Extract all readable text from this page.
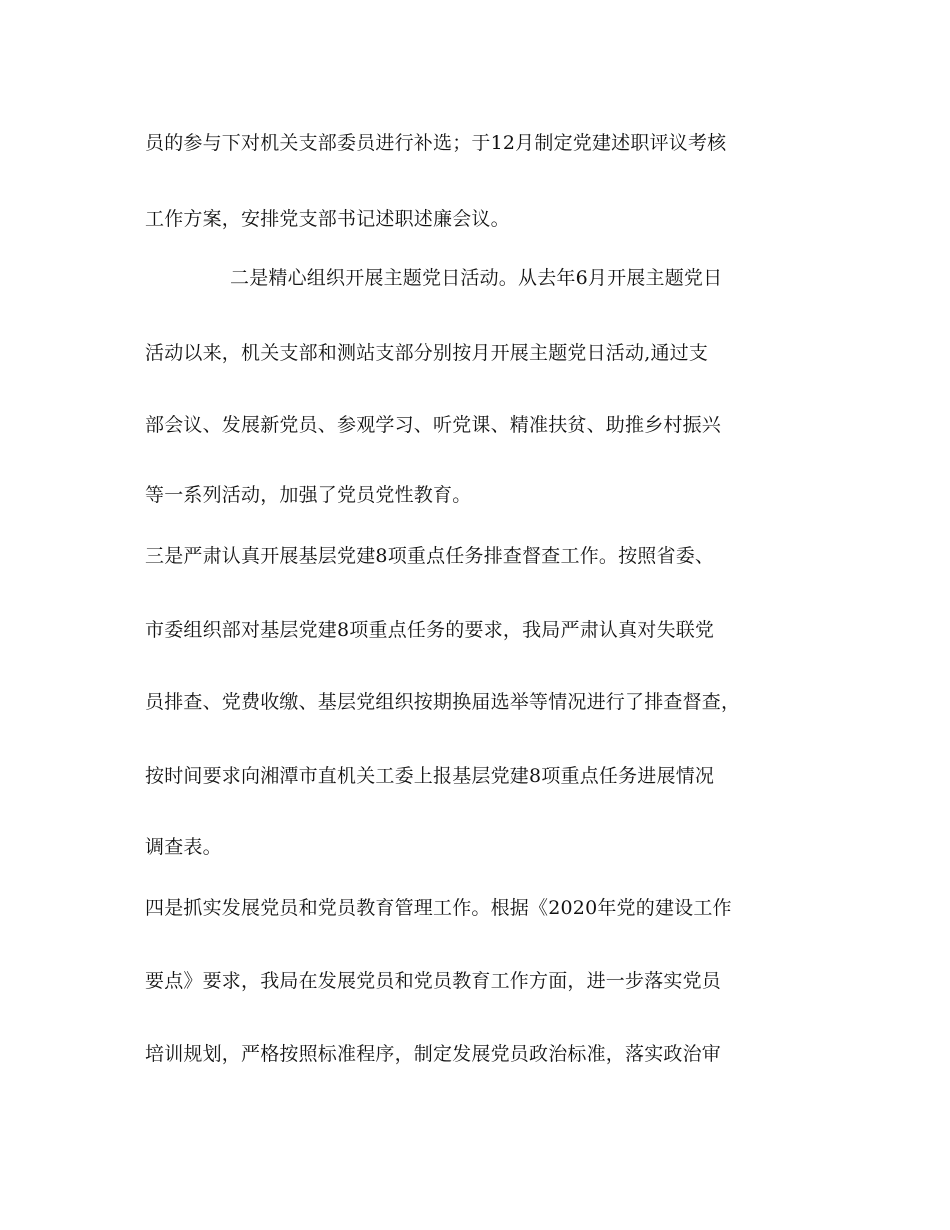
员的参与下对机关支部委员进行补选；于12月制定党建述职评议考核
工作方案，安排党支部书记述职述廉会议。
二是精心组织开展主题党日活动。从去年6月开展主题党日
活动以来，机关支部和测站支部分别按月开展主题党日活动,通过支
部会议、发展新党员、参观学习、听党课、精准扶贫、助推乡村振兴
等一系列活动，加强了党员党性教育。
三是严肃认真开展基层党建8项重点任务排查督查工作。按照省委、
市委组织部对基层党建8项重点任务的要求，我局严肃认真对失联党
员排查、党费收缴、基层党组织按期换届选举等情况进行了排查督查，
按时间要求向湘潭市直机关工委上报基层党建8项重点任务进展情况
调查表。
四是抓实发展党员和党员教育管理工作。根据《2020年党的建设工作
要点》要求，我局在发展党员和党员教育工作方面，进一步落实党员
培训规划，严格按照标准程序，制定发展党员政治标准，落实政治审
